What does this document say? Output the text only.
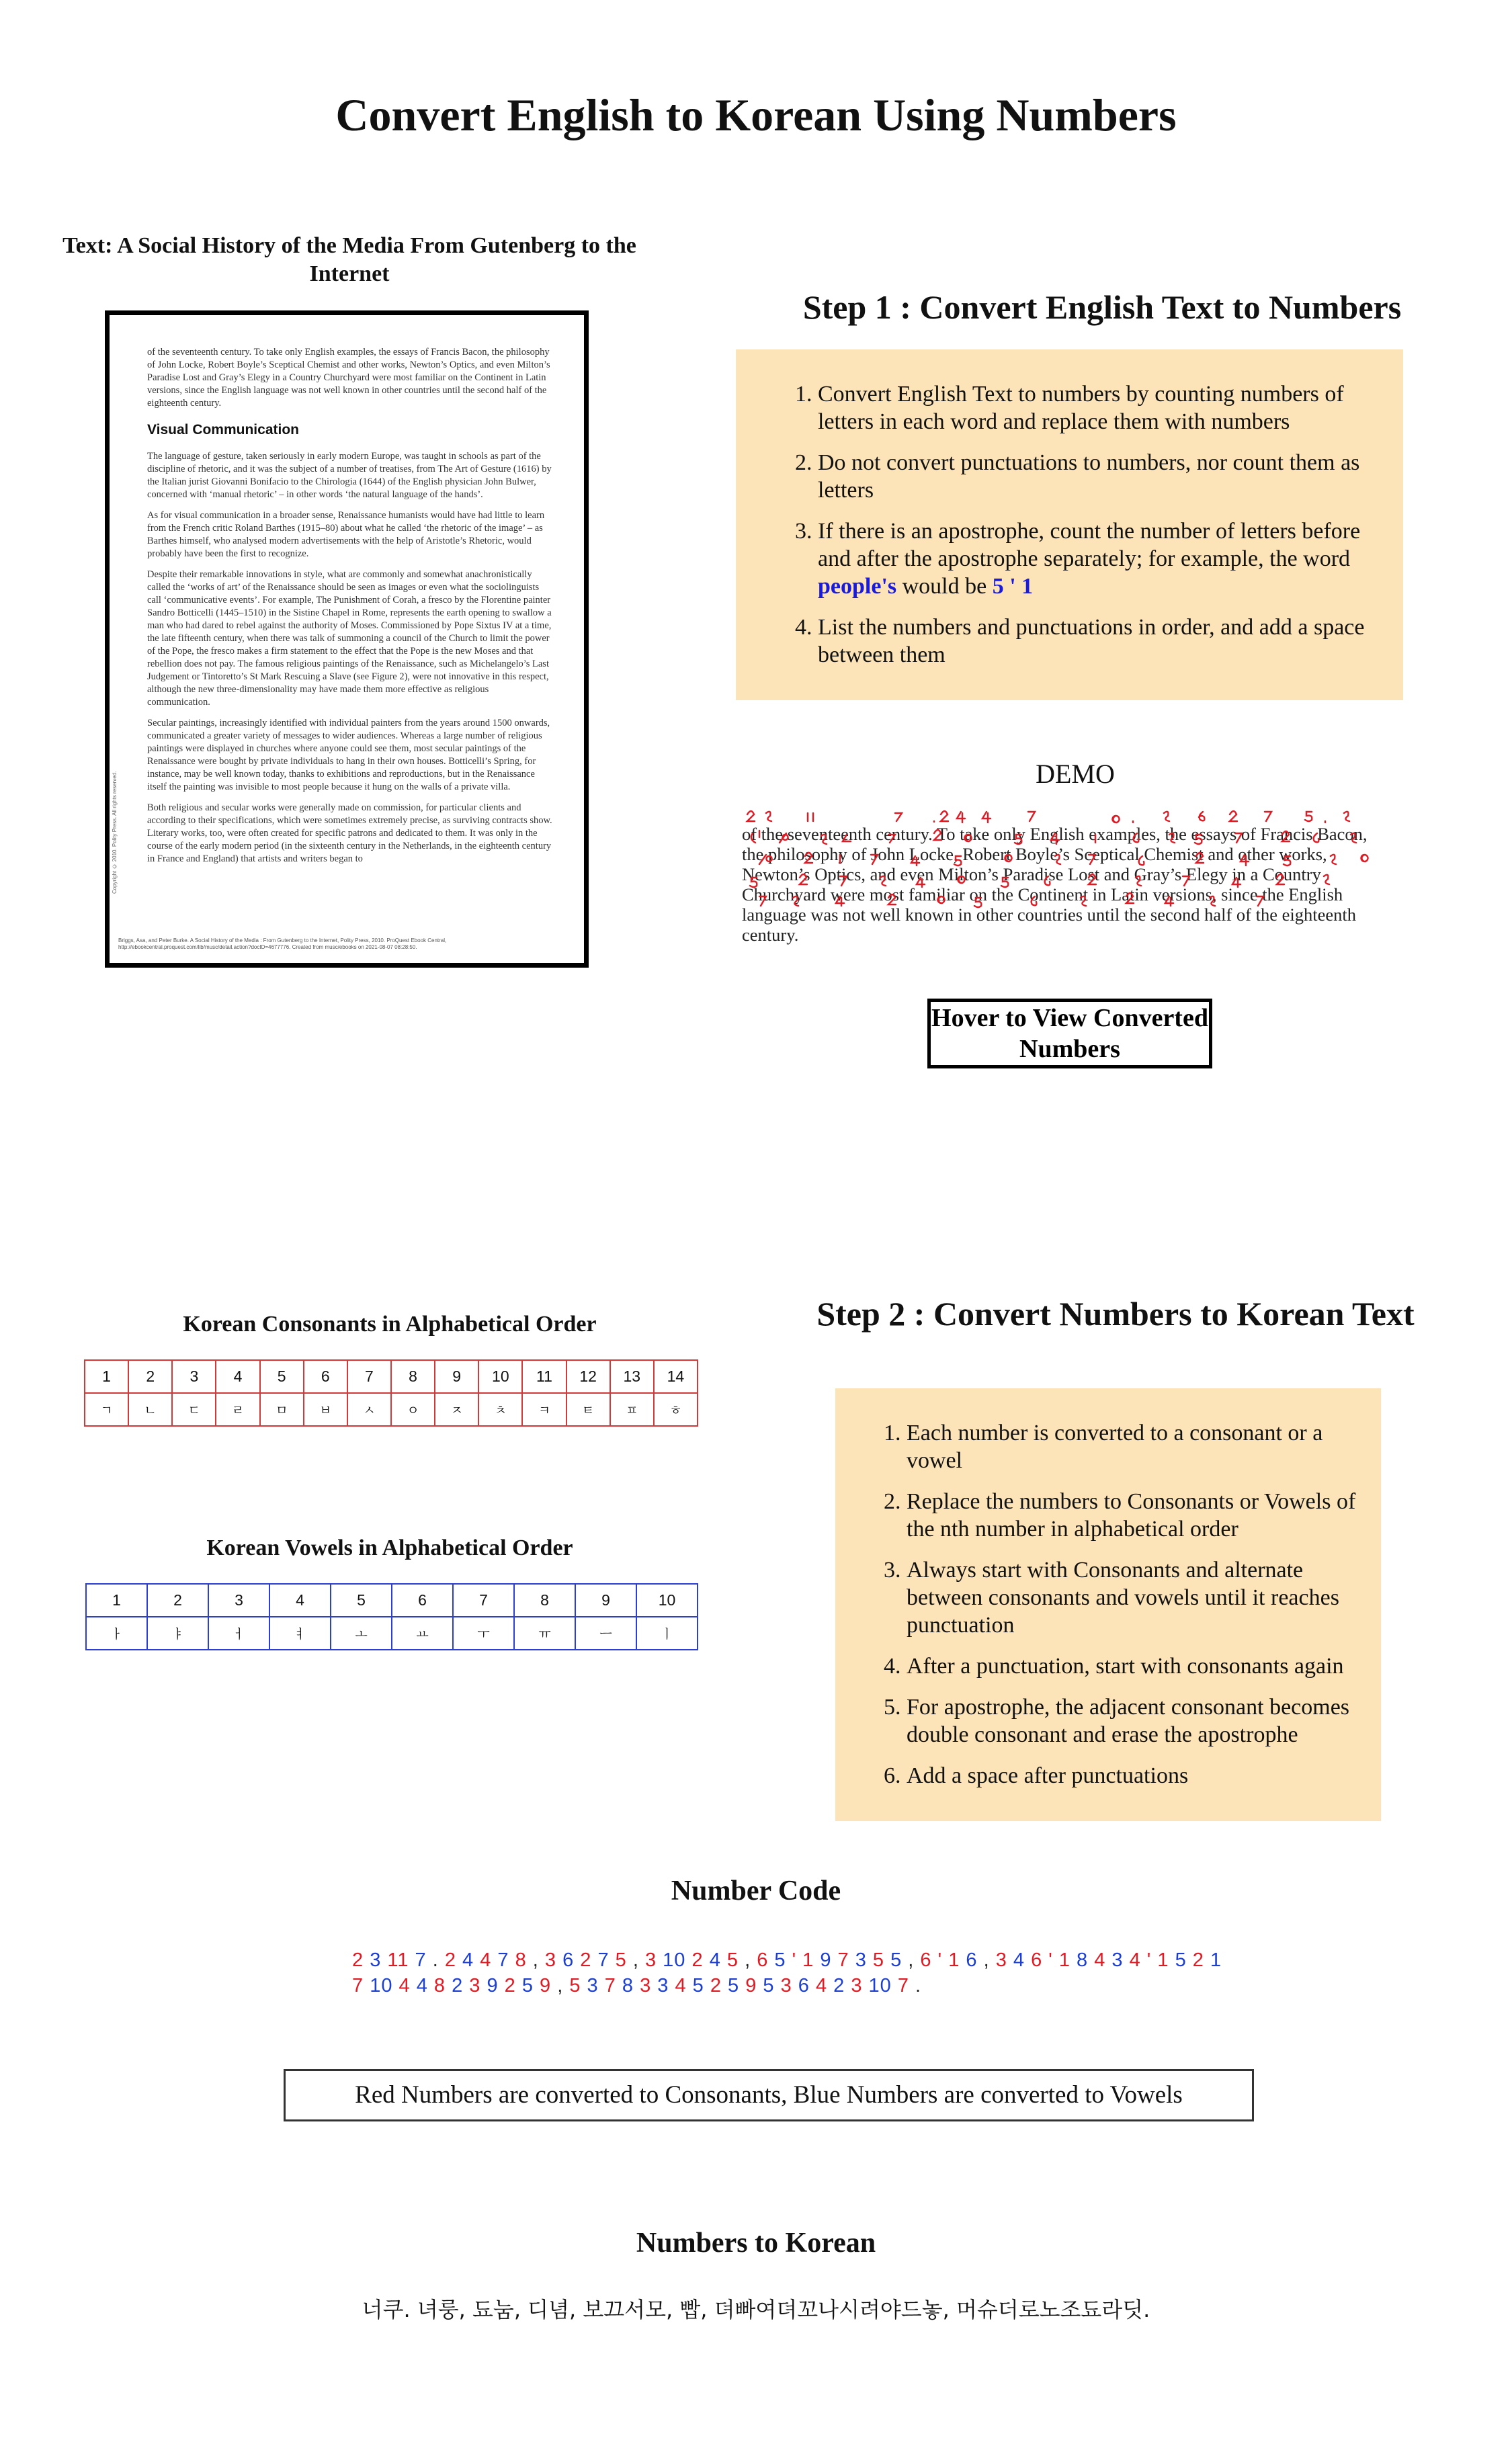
Convert English to Korean Using Numbers
Text: A Social History of the Media From Gutenberg to the Internet

of the seventeenth century. To take only English examples, the essays of Francis Bacon, the philosophy of John Locke, Robert Boyle’s Sceptical Chemist and other works, Newton’s Optics, and even Milton’s Paradise Lost and Gray’s Elegy in a Country Churchyard were most familiar on the Continent in Latin versions, since the English language was not well known in other countries until the second half of the eighteenth century.

Visual Communication

The language of gesture, taken seriously in early modern Europe, was taught in schools as part of the discipline of rhetoric, and it was the subject of a number of treatises, from The Art of Gesture (1616) by the Italian jurist Giovanni Bonifacio to the Chirologia (1644) of the English physician John Bulwer, concerned with ‘manual rhetoric’ – in other words ‘the natural language of the hands’.

As for visual communication in a broader sense, Renaissance humanists would have had little to learn from the French critic Roland Barthes (1915–80) about what he called ‘the rhetoric of the image’ – as Barthes himself, who analysed modern advertisements with the help of Aristotle’s Rhetoric, would probably have been the first to recognize.

Despite their remarkable innovations in style, what are commonly and somewhat anachronistically called the ‘works of art’ of the Renaissance should be seen as images or even what the sociolinguists call ‘communicative events’. For example, The Punishment of Corah, a fresco by the Florentine painter Sandro Botticelli (1445–1510) in the Sistine Chapel in Rome, represents the earth opening to swallow a man who had dared to rebel against the authority of Moses. Commissioned by Pope Sixtus IV at a time, the late fifteenth century, when there was talk of summoning a council of the Church to limit the power of the Pope, the fresco makes a firm statement to the effect that the Pope is the new Moses and that rebellion does not pay. The famous religious paintings of the Renaissance, such as Michelangelo’s Last Judgement or Tintoretto’s St Mark Rescuing a Slave (see Figure 2), were not innovative in this respect, although the new three-dimensionality may have made them more effective as religious communication.

Secular paintings, increasingly identified with individual painters from the years around 1500 onwards, communicated a greater variety of messages to wider audiences. Whereas a large number of religious paintings were displayed in churches where anyone could see them, most secular paintings of the Renaissance were bought by private individuals to hang in their own houses. Botticelli’s Spring, for instance, may be well known today, thanks to exhibitions and reproductions, but in the Renaissance itself the painting was invisible to most people because it hung on the walls of a private villa.

Both religious and secular works were generally made on commission, for particular clients and according to their specifications, which were sometimes extremely precise, as surviving contracts show. Literary works, too, were often created for specific patrons and dedicated to them. It was only in the course of the early modern period (in the sixteenth century in the Netherlands, in the eighteenth century in France and England) that artists and writers began to

Copyright © 2010. Polity Press. All rights reserved.
Briggs, Asa, and Peter Burke. A Social History of the Media : From Gutenberg to the Internet, Polity Press, 2010. ProQuest Ebook Central, http://ebookcentral.proquest.com/lib/musc/detail.action?docID=4677776. Created from musc/ebooks on 2021-08-07 08:28:50.
Step 1 : Convert English Text to Numbers
1. Convert English Text to numbers by counting numbers of letters in each word and replace them with numbers
2. Do not convert punctuations to numbers, nor count them as letters
3. If there is an apostrophe, count the number of letters before and after the apostrophe separately; for example, the word people's would be 5 ' 1
4. List the numbers and punctuations in order, and add a space between them
DEMO
of the seventeenth century. To take only English examples, the essays of Francis Bacon, the philosophy of John Locke, Robert Boyle’s Sceptical Chemist and other works, Newton’s Optics, and even Milton’s Paradise Lost and Gray’s Elegy in a Country Churchyard were most familiar on the Continent in Latin versions, since the English language was not well known in other countries until the second half of the eighteenth century.
Hover to View Converted Numbers
Korean Consonants in Alphabetical Order
1	2	3	4	5	6	7	8	9	10	11	12	13	14
ㄱ	ㄴ	ㄷ	ㄹ	ㅁ	ㅂ	ㅅ	ㅇ	ㅈ	ㅊ	ㅋ	ㅌ	ㅍ	ㅎ
Korean Vowels in Alphabetical Order
1	2	3	4	5	6	7	8	9	10
ㅏ	ㅑ	ㅓ	ㅕ	ㅗ	ㅛ	ㅜ	ㅠ	ㅡ	ㅣ
Step 2 : Convert Numbers to Korean Text
1. Each number is converted to a consonant or a vowel
2. Replace the numbers to Consonants or Vowels of the nth number in alphabetical order
3. Always start with Consonants and alternate between consonants and vowels until it reaches punctuation
4. After a punctuation, start with consonants again
5. For apostrophe, the adjacent consonant becomes double consonant and erase the apostrophe
6. Add a space after punctuations
Number Code
2 3 11 7 . 2 4 4 7 8 , 3 6 2 7 5 , 3 10 2 4 5 , 6 5 ' 1 9 7 3 5 5 , 6 ' 1 6 , 3 4 6 ' 1 8 4 3 4 ' 1 5 2 1
7 10 4 4 8 2 3 9 2 5 9 , 5 3 7 8 3 3 4 5 2 5 9 5 3 6 4 2 3 10 7 .
Red Numbers are converted to Consonants, Blue Numbers are converted to Vowels
Numbers to Korean
너쿠. 녀룽, 됴눔, 디념, 보끄서모, 빱, 뎌빠여뎌꼬나시려야드놓, 머슈더로노조됴라딧.
